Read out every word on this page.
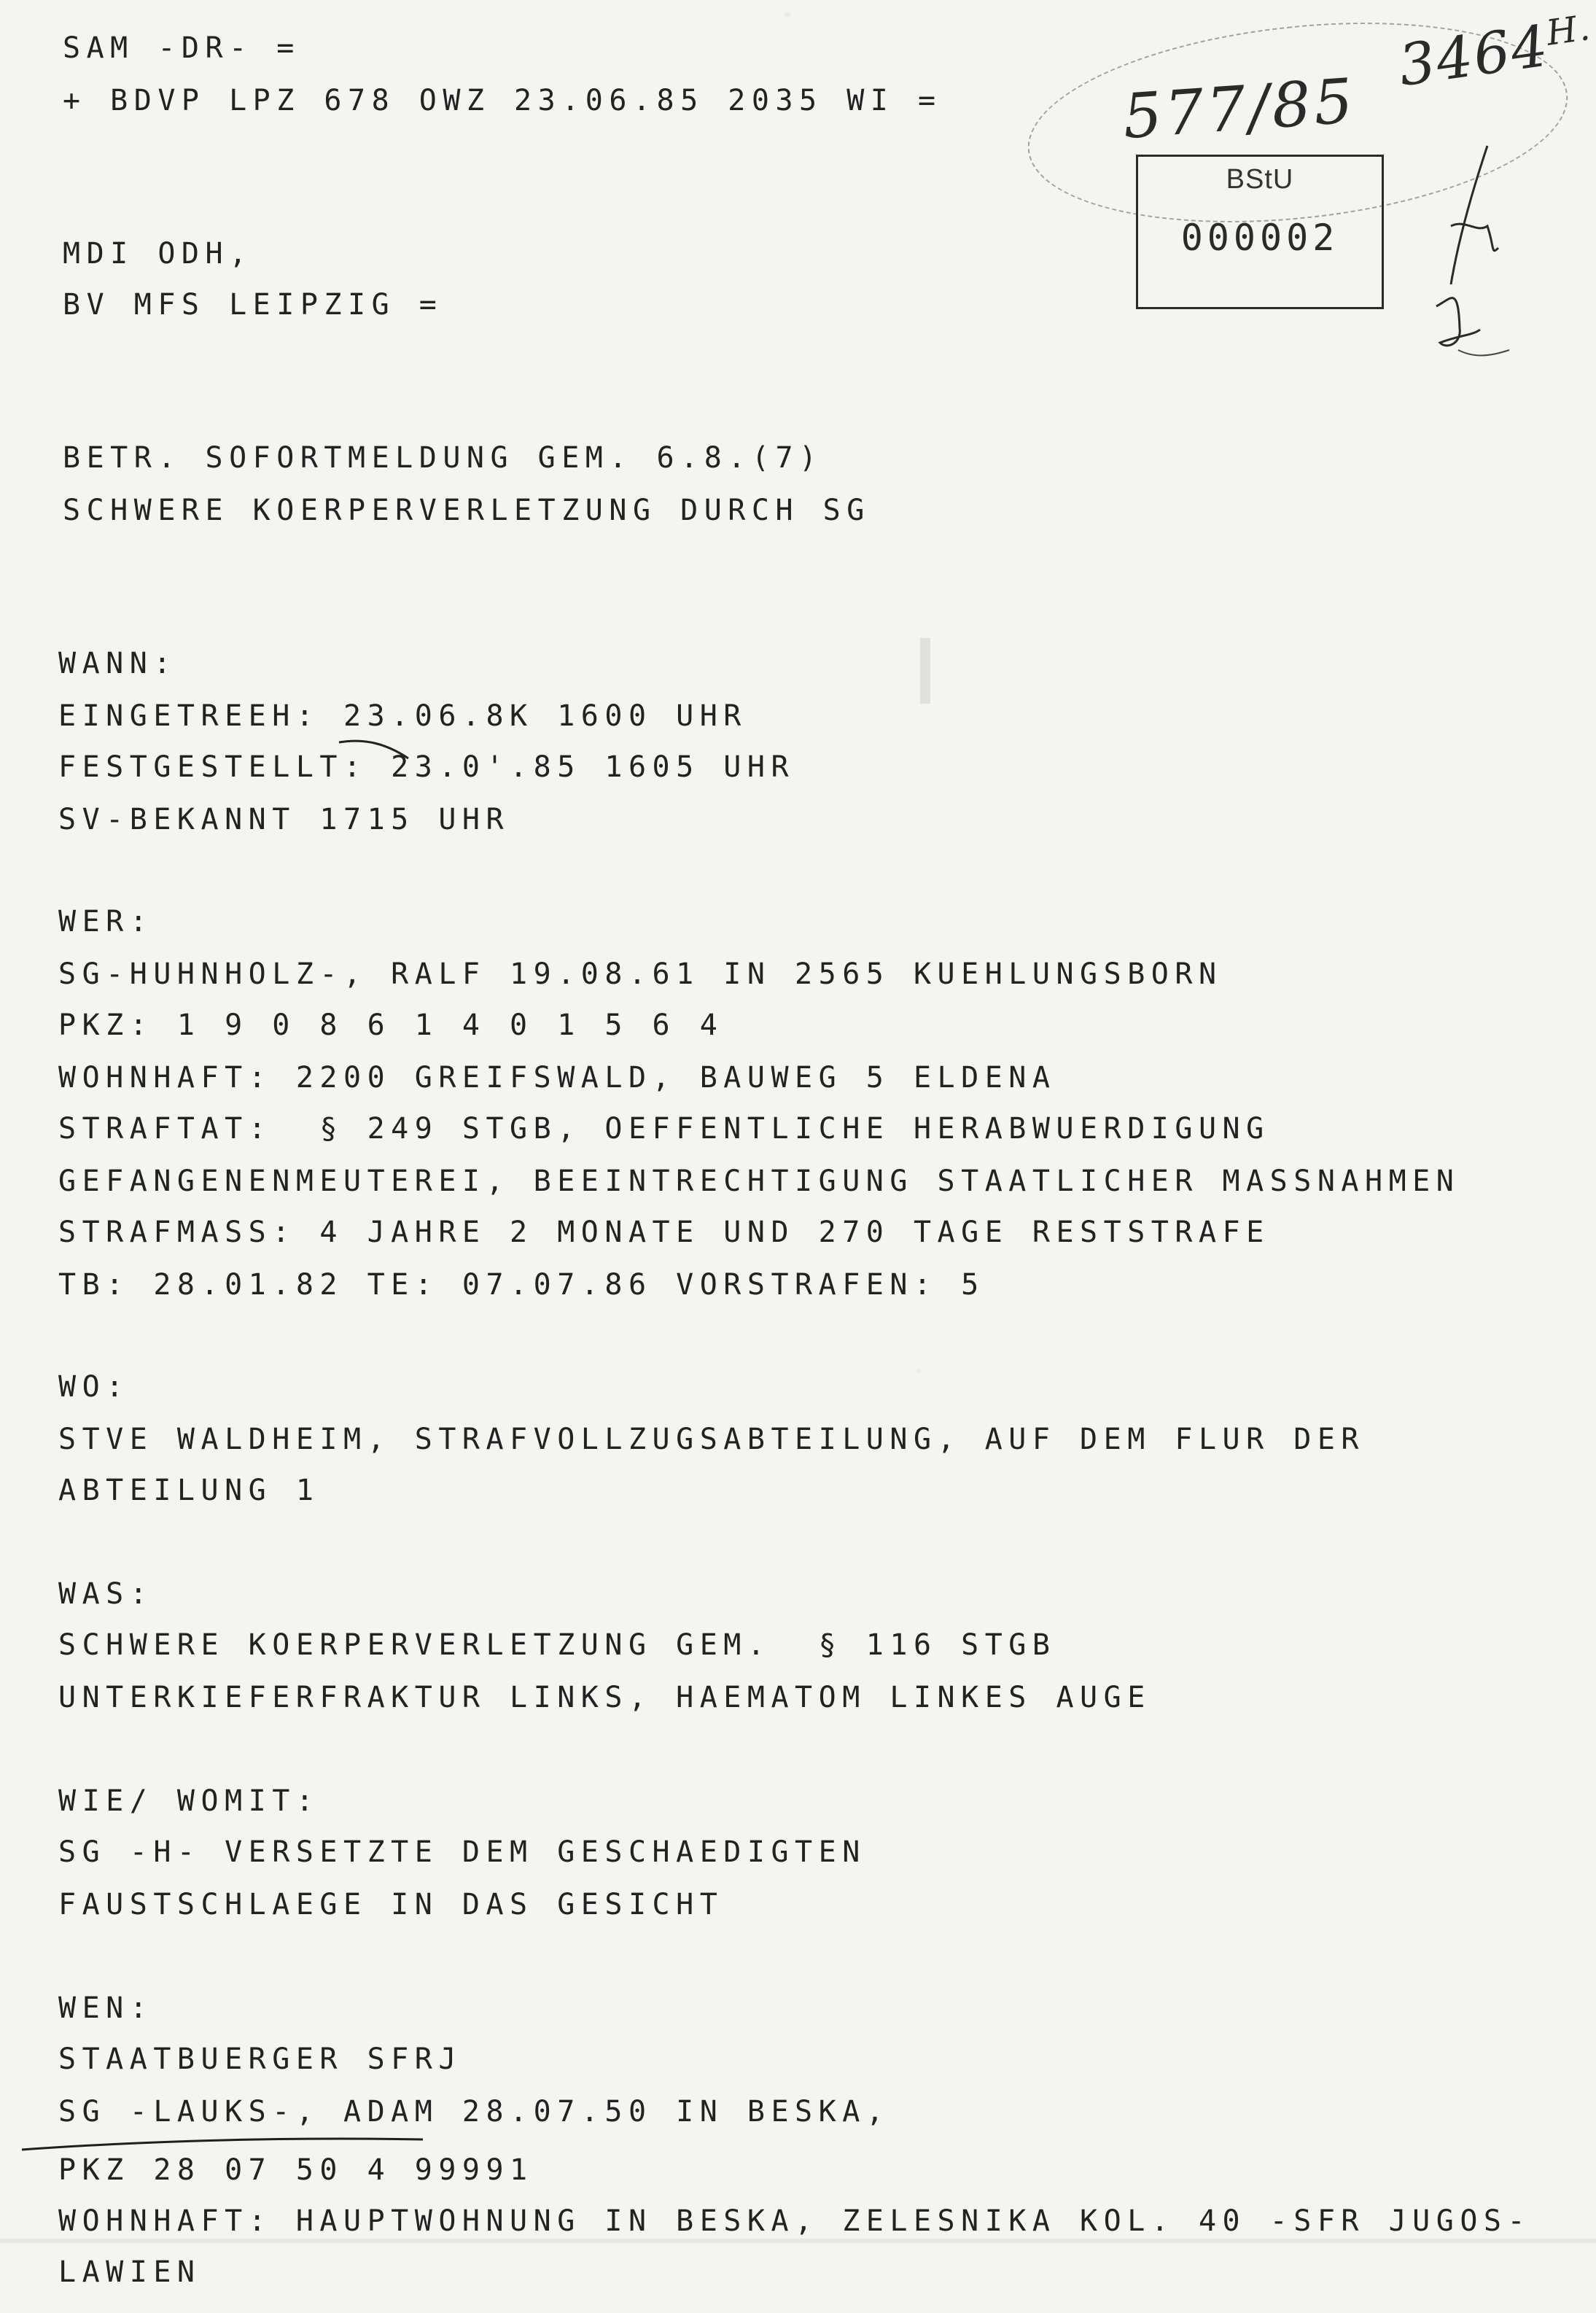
577/85
$3464^{H.}$
BStU
000002
SAM -DR- =
+ BDVP LPZ 678 OWZ 23.06.85 2035 WI =
MDI ODH,
BV MFS LEIPZIG =
BETR. SOFORTMELDUNG GEM. 6.8.(7)
SCHWERE KOERPERVERLETZUNG DURCH SG
WANN:
EINGETREEH: 23.06.8K 1600 UHR
FESTGESTELLT: 23.0'.85 1605 UHR
SV-BEKANNT 1715 UHR
WER:
SG-HUHNHOLZ-, RALF 19.08.61 IN 2565 KUEHLUNGSBORN
PKZ: 1 9 0 8 6 1 4 0 1 5 6 4
WOHNHAFT: 2200 GREIFSWALD, BAUWEG 5 ELDENA
STRAFTAT:  § 249 STGB, OEFFENTLICHE HERABWUERDIGUNG
GEFANGENENMEUTEREI, BEEINTRECHTIGUNG STAATLICHER MASSNAHMEN
STRAFMASS: 4 JAHRE 2 MONATE UND 270 TAGE RESTSTRAFE
TB: 28.01.82 TE: 07.07.86 VORSTRAFEN: 5
WO:
STVE WALDHEIM, STRAFVOLLZUGSABTEILUNG, AUF DEM FLUR DER
ABTEILUNG 1
WAS:
SCHWERE KOERPERVERLETZUNG GEM.  § 116 STGB
UNTERKIEFERFRAKTUR LINKS, HAEMATOM LINKES AUGE
WIE/ WOMIT:
SG -H- VERSETZTE DEM GESCHAEDIGTEN
FAUSTSCHLAEGE IN DAS GESICHT
WEN:
STAATBUERGER SFRJ
SG -LAUKS-, ADAM 28.07.50 IN BESKA,
PKZ 28 07 50 4 99991
WOHNHAFT: HAUPTWOHNUNG IN BESKA, ZELESNIKA KOL. 40 -SFR JUGOS-
LAWIEN
